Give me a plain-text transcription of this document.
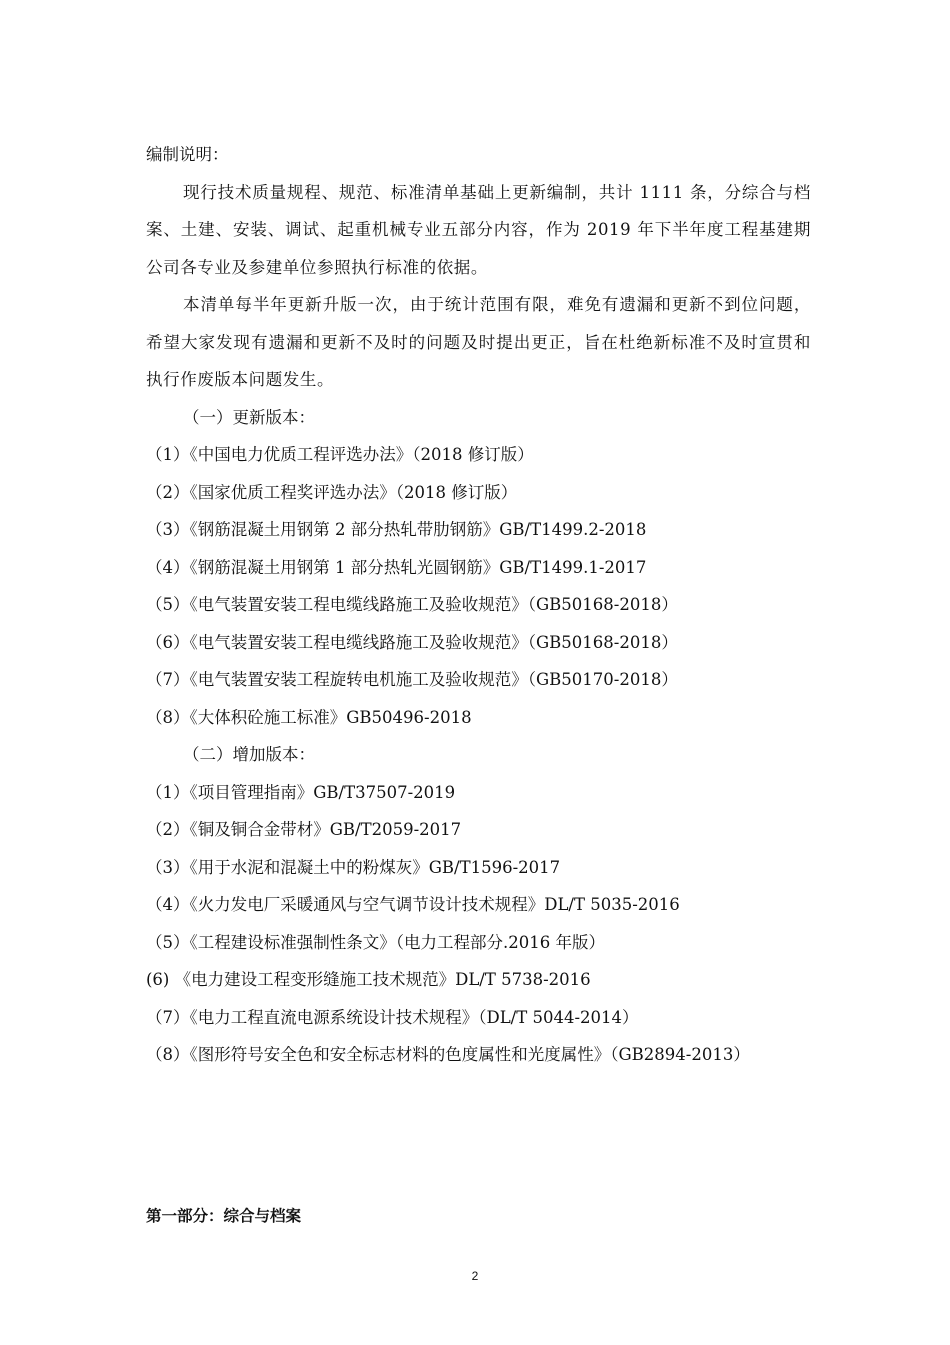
编制说明：
现行技术质量规程、规范、标准清单基础上更新编制，共计 1111 条，分综合与档案、土建、安装、调试、起重机械专业五部分内容，作为 2019 年下半年度工程基建期公司各专业及参建单位参照执行标准的依据。
本清单每半年更新升版一次，由于统计范围有限，难免有遗漏和更新不到位问题，希望大家发现有遗漏和更新不及时的问题及时提出更正，旨在杜绝新标准不及时宣贯和执行作废版本问题发生。
（一）更新版本：
（1）《中国电力优质工程评选办法》（2018 修订版）
（2）《国家优质工程奖评选办法》（2018 修订版）
（3）《钢筋混凝土用钢第 2 部分热轧带肋钢筋》GB/T1499.2-2018
（4）《钢筋混凝土用钢第 1 部分热轧光圆钢筋》GB/T1499.1-2017
（5）《电气装置安装工程电缆线路施工及验收规范》（GB50168-2018）
（6）《电气装置安装工程电缆线路施工及验收规范》（GB50168-2018）
（7）《电气装置安装工程旋转电机施工及验收规范》（GB50170-2018）
（8）《大体积砼施工标准》GB50496-2018
（二）增加版本：
（1）《项目管理指南》GB/T37507-2019
（2）《铜及铜合金带材》GB/T2059-2017
（3）《用于水泥和混凝土中的粉煤灰》GB/T1596-2017
（4）《火力发电厂采暖通风与空气调节设计技术规程》DL/T 5035-2016
（5）《工程建设标准强制性条文》（电力工程部分.2016 年版）
(6) 《电力建设工程变形缝施工技术规范》DL/T 5738-2016
（7）《电力工程直流电源系统设计技术规程》（DL/T 5044-2014）
（8）《图形符号安全色和安全标志材料的色度属性和光度属性》（GB2894-2013）
第一部分：综合与档案
2
